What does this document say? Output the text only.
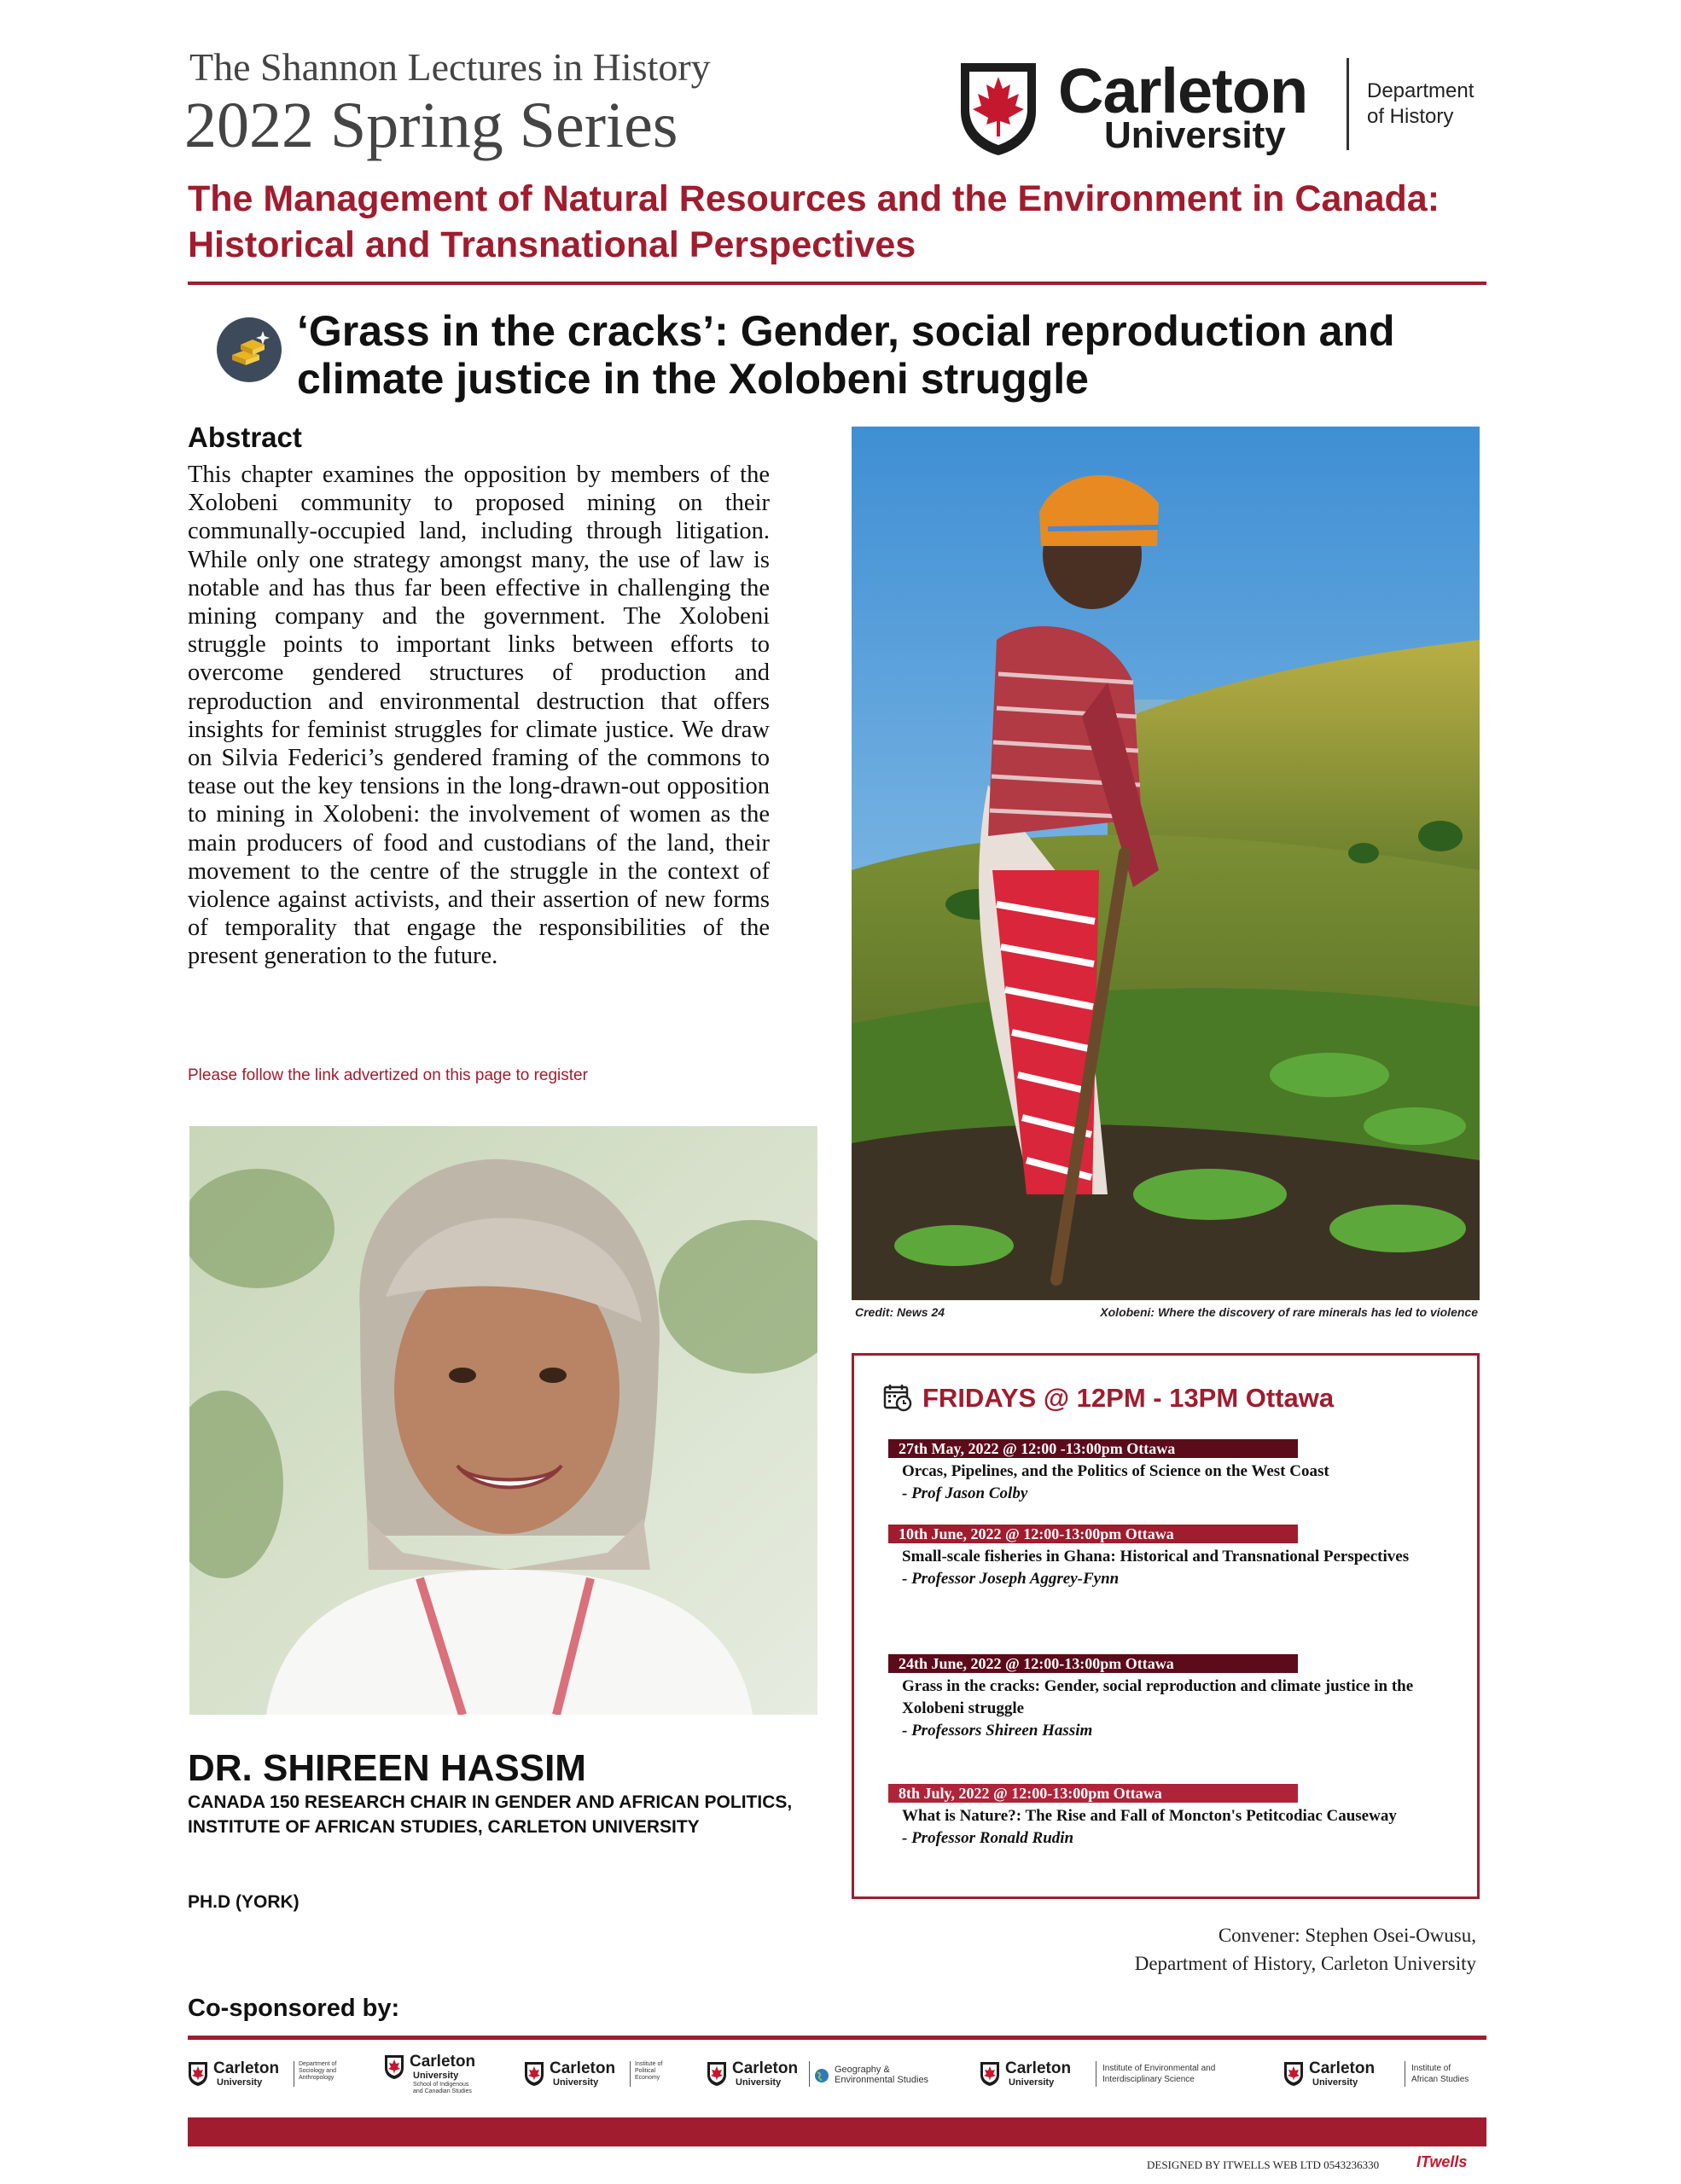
The Shannon Lectures in History
2022 Spring Series	Carleton
University
Department
of History
The Management of Natural Resources and the Environment in Canada: Historical and Transnational Perspectives
‘Grass in the cracks’: Gender, social reproduction and climate justice in the Xolobeni struggle
Abstract
This chapter examines the opposition by members of the Xolobeni community to proposed mining on their communally-occupied land, including through litigation. While only one strategy amongst many, the use of law is notable and has thus far been effective in challenging the mining company and the government. The Xolobeni struggle points to important links between efforts to overcome gendered structures of production and reproduction and environmental destruction that offers insights for feminist struggles for climate justice. We draw on Silvia Federici’s gendered framing of the commons to tease out the key tensions in the long-drawn-out opposition to mining in Xolobeni: the involvement of women as the main producers of food and custodians of the land, their movement to the centre of the struggle in the context of violence against activists, and their assertion of new forms of temporality that engage the responsibilities of the present generation to the future.
Please follow the link advertized on this page to register
Credit: News 24	Xolobeni: Where the discovery of rare minerals has led to violence
DR. SHIREEN HASSIM
CANADA 150 RESEARCH CHAIR IN GENDER AND AFRICAN POLITICS, INSTITUTE OF AFRICAN STUDIES, CARLETON UNIVERSITY
PH.D (YORK)
FRIDAYS @ 12PM - 13PM Ottawa
27th May, 2022 @ 12:00 -13:00pm Ottawa
Orcas, Pipelines, and the Politics of Science on the West Coast
- Prof Jason Colby
10th June, 2022 @ 12:00-13:00pm Ottawa
Small-scale fisheries in Ghana: Historical and Transnational Perspectives
- Professor Joseph Aggrey-Fynn
24th June, 2022 @ 12:00-13:00pm Ottawa
Grass in the cracks: Gender, social reproduction and climate justice in the Xolobeni struggle
- Professors Shireen Hassim
8th July, 2022 @ 12:00-13:00pm Ottawa
What is Nature?: The Rise and Fall of Moncton's Petitcodiac Causeway
- Professor Ronald Rudin
Convener: Stephen Osei-Owusu,
Department of History, Carleton University
Co-sponsored by:
Carleton
University
Department of
Sociology and
Anthropology
Carleton
University
School of Indigenous
and Canadian Studies
Carleton
University
Institute of
Political Economy
Carleton
University
Geography &
Environmental Studies
Carleton
University
Institute of Environmental and
Interdisciplinary Science
Carleton
University
Institute of
African Studies
DESIGNED BY ITWELLS WEB LTD 0543236330 ITwells
